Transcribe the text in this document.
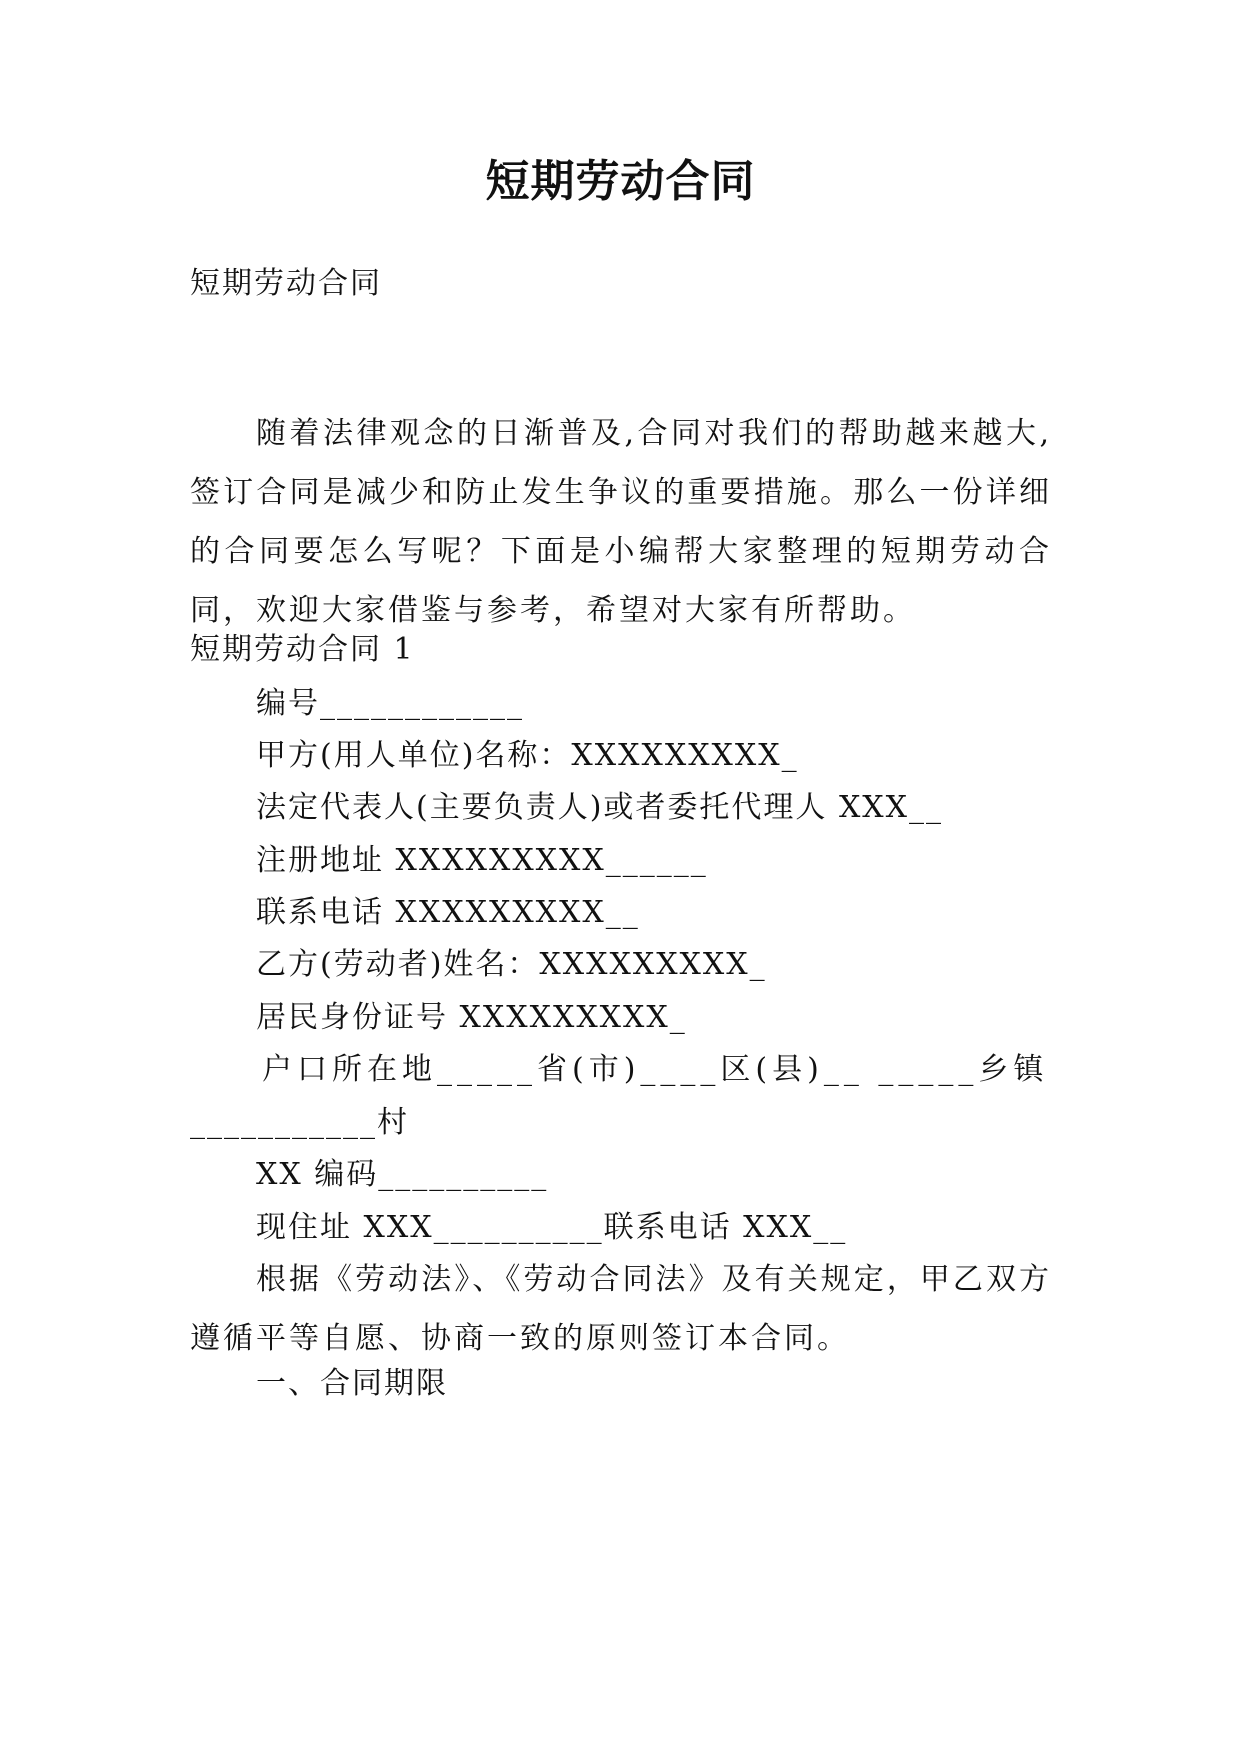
短期劳动合同
短期劳动合同
随着法律观念的日渐普及,合同对我们的帮助越来越大,签订合同是减少和防止发生争议的重要措施。那么一份详细的合同要怎么写呢？下面是小编帮大家整理的短期劳动合同，欢迎大家借鉴与参考，希望对大家有所帮助。
短期劳动合同 1
编号____________
甲方(用人单位)名称：XXXXXXXXX_
法定代表人(主要负责人)或者委托代理人 XXX__
注册地址 XXXXXXXXX______
联系电话 XXXXXXXXX__
乙方(劳动者)姓名：XXXXXXXXX_
居民身份证号 XXXXXXXXX_
户口所在地_____省(市)____区(县)__ _____乡镇
___________村
XX 编码__________
现住址 XXX__________联系电话 XXX__
根据《劳动法》、《劳动合同法》及有关规定，甲乙双方遵循平等自愿、协商一致的原则签订本合同。
一、合同期限
